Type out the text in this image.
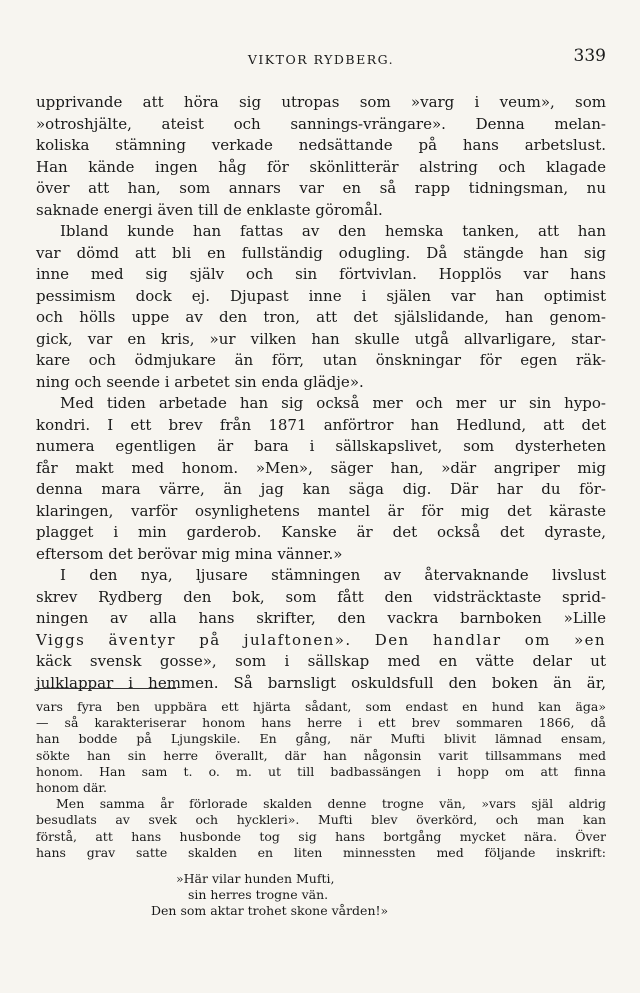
VIKTOR RYDBERG.	339
upprivande att höra sig utropas som »varg i veum», som
»otroshjälte, ateist och sannings-vrängare». Denna melan-
koliska stämning verkade nedsättande på hans arbetslust.
Han kände ingen håg för skönlitterär alstring och klagade
över att han, som annars var en så rapp tidningsman, nu
saknade energi även till de enklaste göromål.
Ibland kunde han fattas av den hemska tanken, att han
var dömd att bli en fullständig odugling. Då stängde han sig
inne med sig själv och sin förtvivlan. Hopplös var hans
pessimism dock ej. Djupast inne i själen var han optimist
och hölls uppe av den tron, att det själslidande, han genom-
gick, var en kris, »ur vilken han skulle utgå allvarligare, star-
kare och ödmjukare än förr, utan önskningar för egen räk-
ning och seende i arbetet sin enda glädje».
Med tiden arbetade han sig också mer och mer ur sin hypo-
kondri. I ett brev från 1871 anförtror han Hedlund, att det
numera egentligen är bara i sällskapslivet, som dysterheten
får makt med honom. »Men», säger han, »där angriper mig
denna mara värre, än jag kan säga dig. Där har du för-
klaringen, varför osynlighetens mantel är för mig det käraste
plagget i min garderob. Kanske är det också det dyraste,
eftersom det berövar mig mina vänner.»
I den nya, ljusare stämningen av återvaknande livslust
skrev Rydberg den bok, som fått den vidsträcktaste sprid-
ningen av alla hans skrifter, den vackra barnboken »Lille
Viggs äventyr på julaftonen». Den handlar om »en
käck svensk gosse», som i sällskap med en vätte delar ut
julklappar i hemmen. Så barnsligt oskuldsfull den boken än är,
vars fyra ben uppbära ett hjärta sådant, som endast en hund kan äga»
— så karakteriserar honom hans herre i ett brev sommaren 1866, då
han bodde på Ljungskile. En gång, när Mufti blivit lämnad ensam,
sökte han sin herre överallt, där han någonsin varit tillsammans med
honom. Han sam t. o. m. ut till badbassängen i hopp om att finna
honom där.
Men samma år förlorade skalden denne trogne vän, »vars själ aldrig
besudlats av svek och hyckleri». Mufti blev överkörd, och man kan
förstå, att hans husbonde tog sig hans bortgång mycket nära. Över
hans grav satte skalden en liten minnessten med följande inskrift:
»Här vilar hunden Mufti,
sin herres trogne vän.
Den som aktar trohet skone vården!»
